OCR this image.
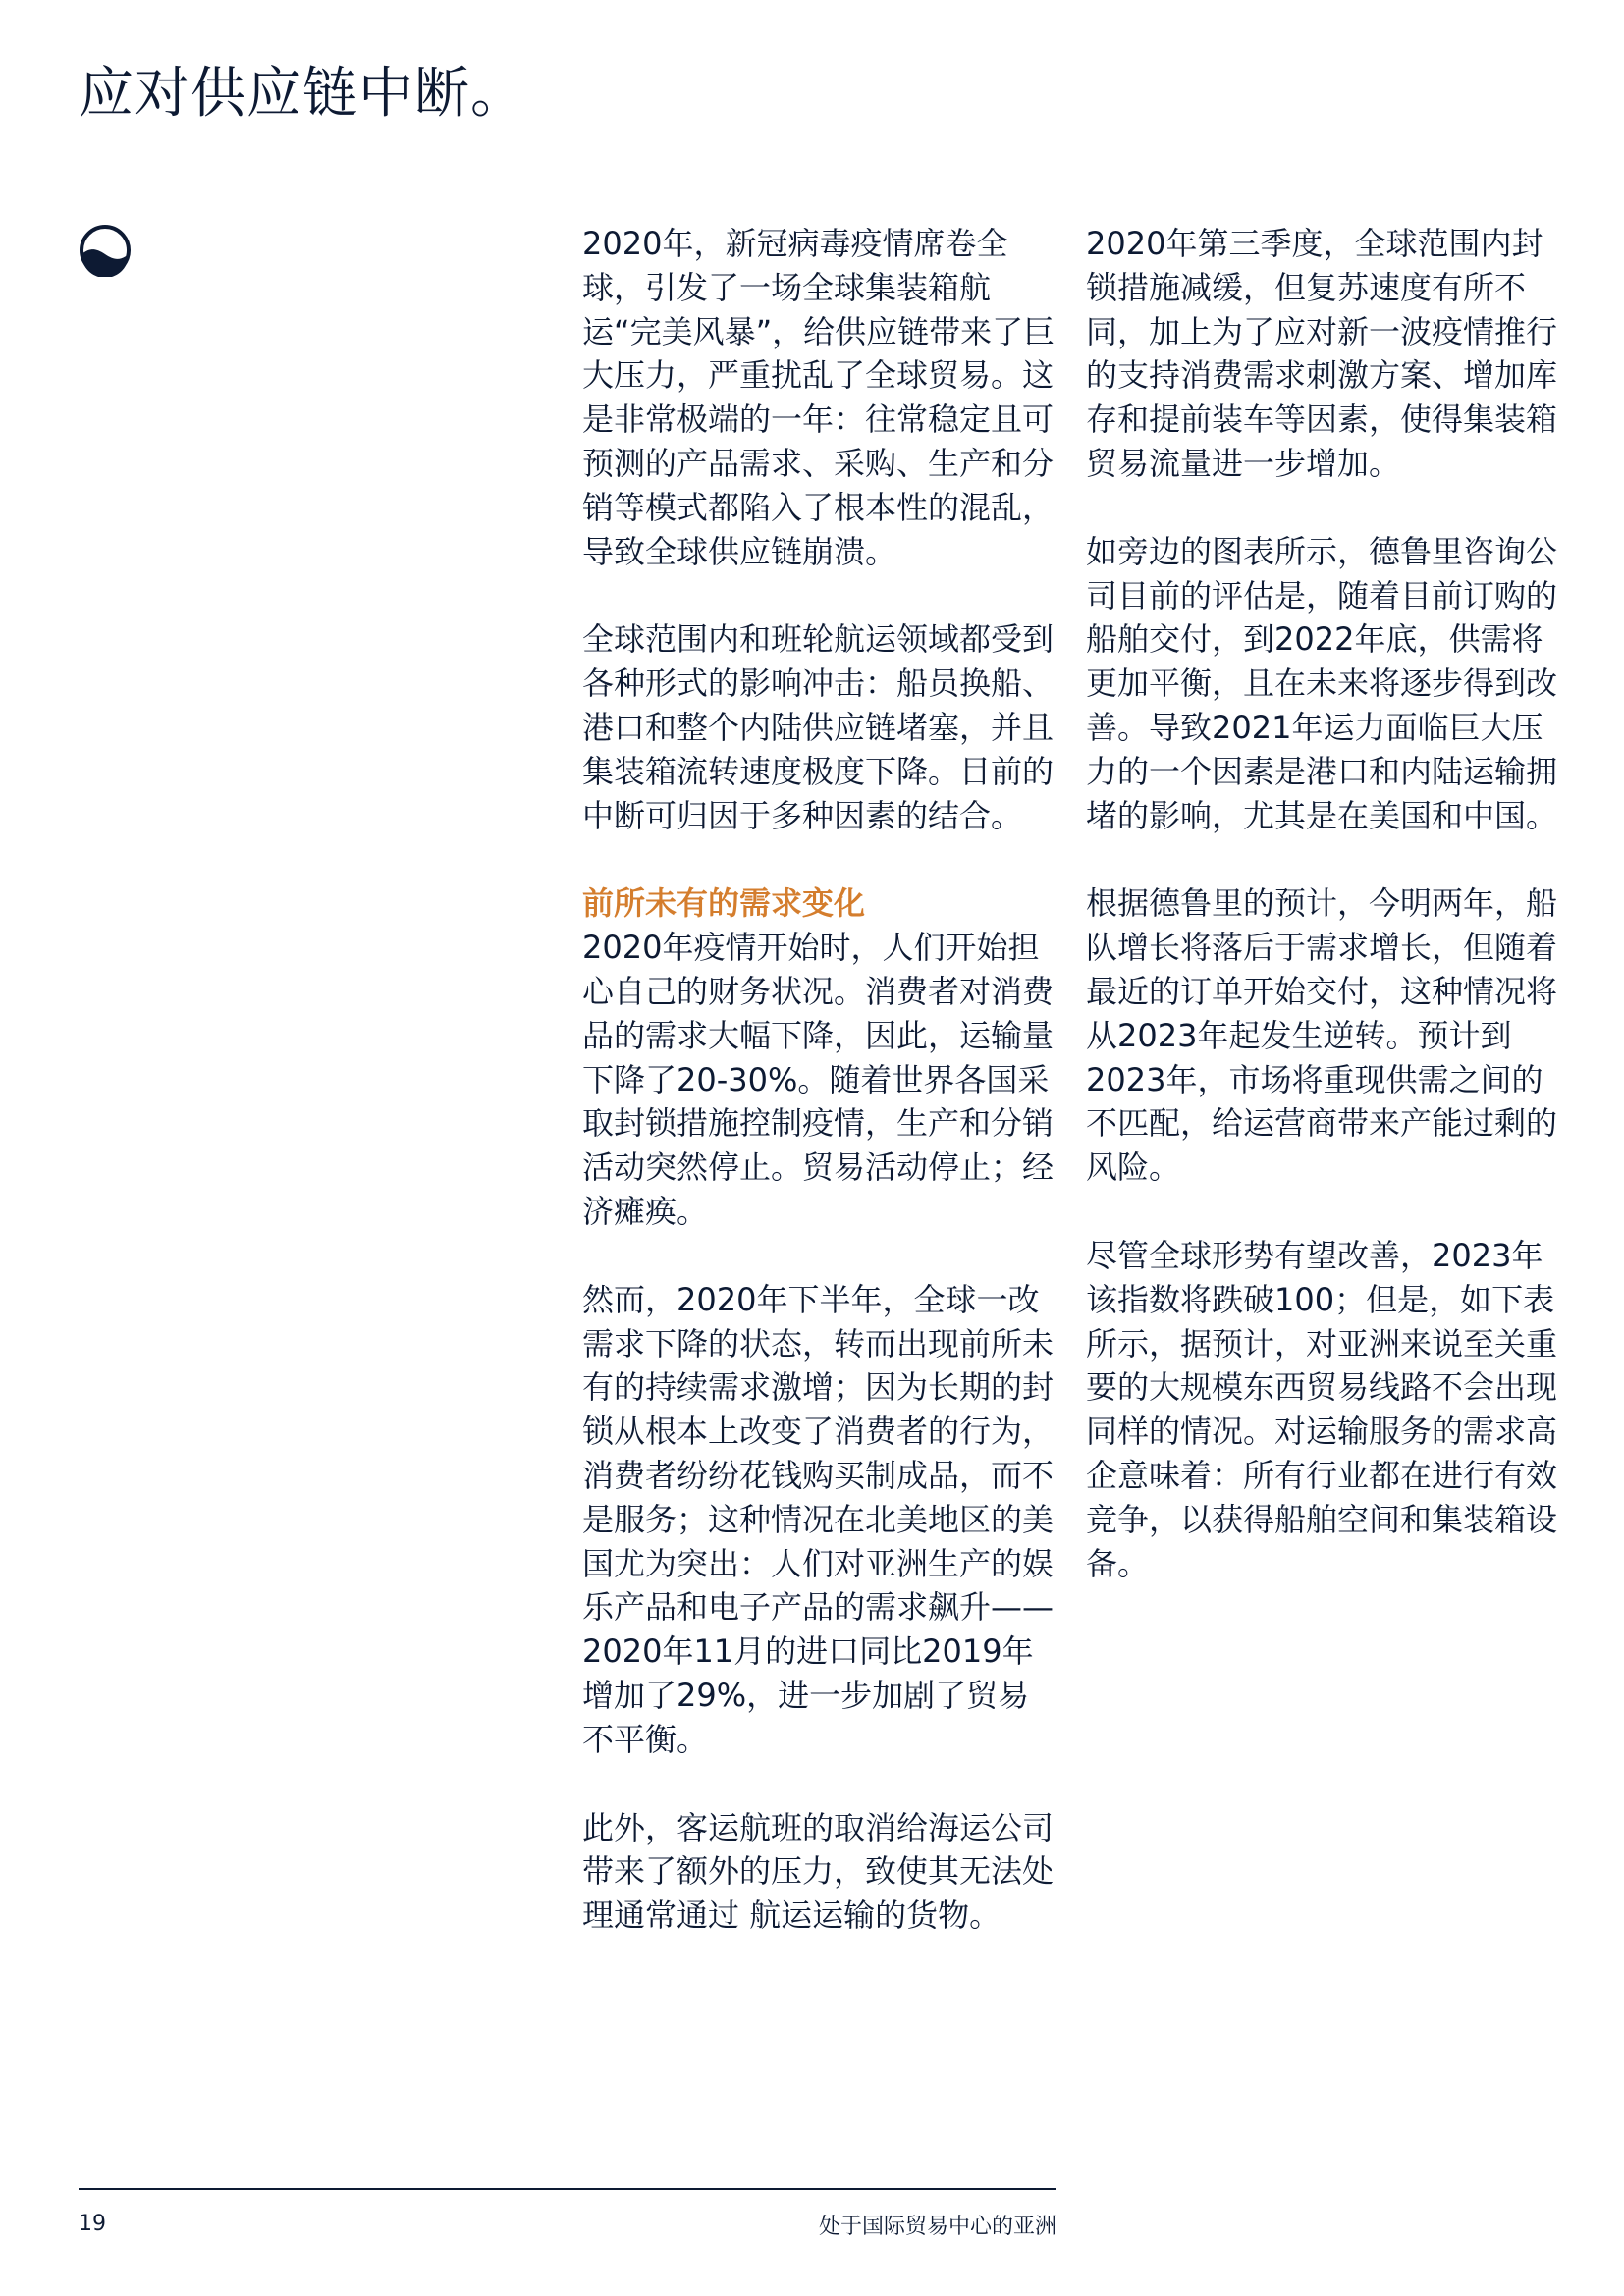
应对供应链中断。

2020年，新冠病毒疫情席卷全球，引发了一场全球集装箱航运“完美风暴”，给供应链带来了巨大压力，严重扰乱了全球贸易。这是非常极端的一年：往常稳定且可预测的产品需求、采购、生产和分销等模式都陷入了根本性的混乱，导致全球供应链崩溃。

全球范围内和班轮航运领域都受到各种形式的影响冲击：船员换船、港口和整个内陆供应链堵塞，并且集装箱流转速度极度下降。目前的中断可归因于多种因素的结合。

前所未有的需求变化

2020年疫情开始时，人们开始担心自己的财务状况。消费者对消费品的需求大幅下降，因此，运输量下降了20-30%。随着世界各国采取封锁措施控制疫情，生产和分销活动突然停止。贸易活动停止；经济瘫痪。

然而，2020年下半年，全球一改需求下降的状态，转而出现前所未有的持续需求激增；因为长期的封锁从根本上改变了消费者的行为，消费者纷纷花钱购买制成品，而不是服务；这种情况在北美地区的美国尤为突出：人们对亚洲生产的娱乐产品和电子产品的需求飙升——2020年11月的进口同比2019年增加了29%，进一步加剧了贸易不平衡。

此外，客运航班的取消给海运公司带来了额外的压力，致使其无法处理通常通过 航运运输的货物。

2020年第三季度，全球范围内封锁措施减缓，但复苏速度有所不同，加上为了应对新一波疫情推行的支持消费需求刺激方案、增加库存和提前装车等因素，使得集装箱贸易流量进一步增加。

如旁边的图表所示，德鲁里咨询公司目前的评估是，随着目前订购的船舶交付，到2022年底，供需将更加平衡，且在未来将逐步得到改善。导致2021年运力面临巨大压力的一个因素是港口和内陆运输拥堵的影响，尤其是在美国和中国。

根据德鲁里的预计，今明两年，船队增长将落后于需求增长，但随着最近的订单开始交付，这种情况将从2023年起发生逆转。预计到2023年，市场将重现供需之间的不匹配，给运营商带来产能过剩的风险。

尽管全球形势有望改善，2023年该指数将跌破100；但是，如下表所示，据预计，对亚洲来说至关重要的大规模东西贸易线路不会出现同样的情况。对运输服务的需求高企意味着：所有行业都在进行有效竞争，以获得船舶空间和集装箱设备。

19	处于国际贸易中心的亚洲
